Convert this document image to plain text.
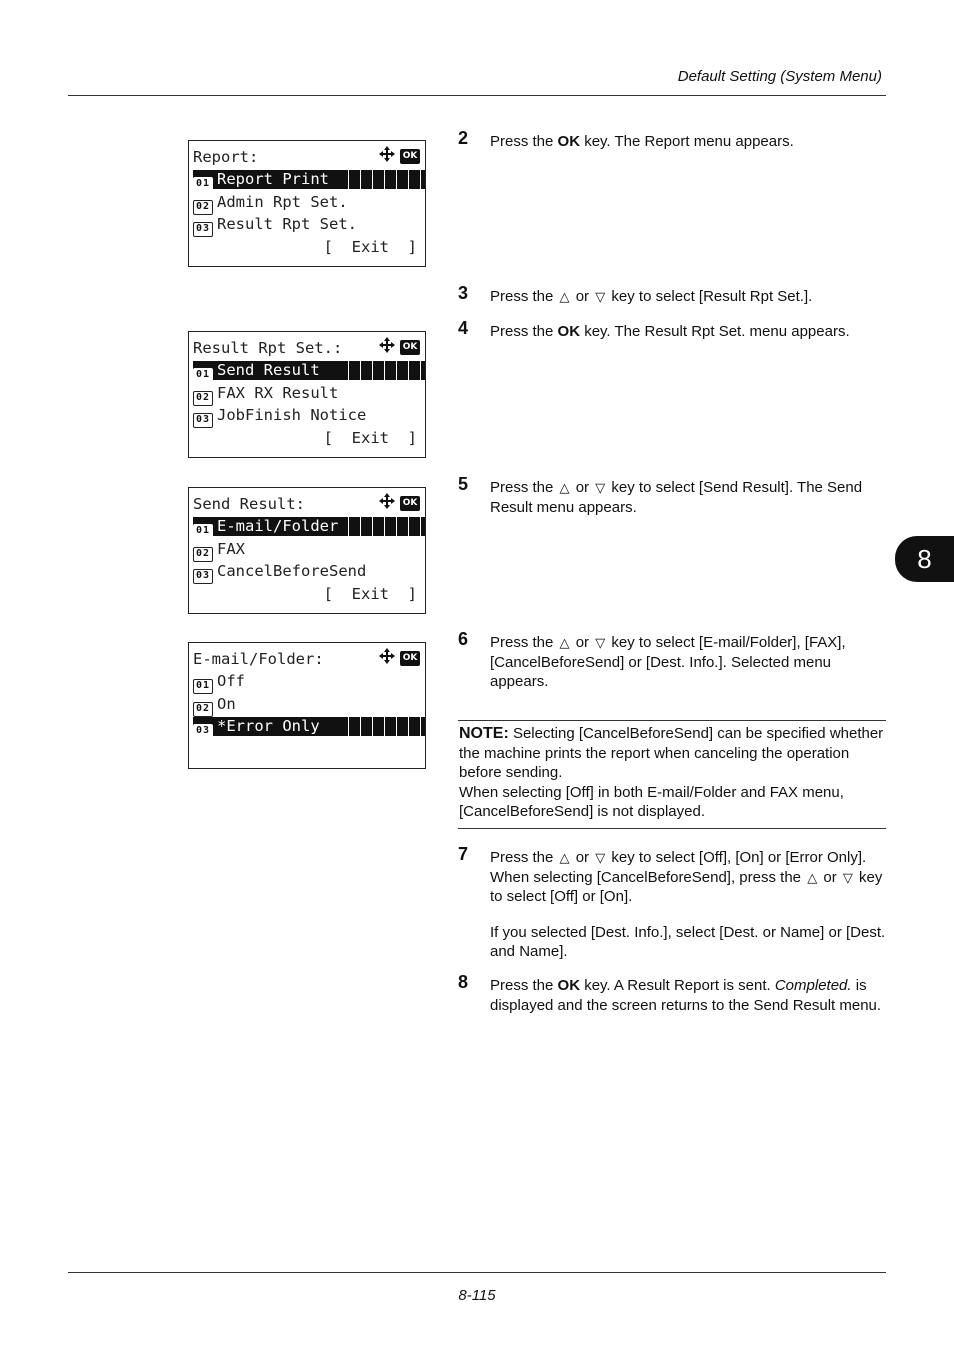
Default Setting (System Menu)
8-115
8
Report:	OK
01 Report Print
02 Admin Rpt Set.
03 Result Rpt Set.
[  Exit  ]
Result Rpt Set.:	OK
01 Send Result
02 FAX RX Result
03 JobFinish Notice
[  Exit  ]
Send Result:	OK
01 E-mail/Folder
02 FAX
03 CancelBeforeSend
[  Exit  ]
E-mail/Folder:	OK
01 Off
02 On
03 *Error Only
2 Press the OK key. The Report menu appears.

3 Press the △ or ▽ key to select [Result Rpt Set.].

4 Press the OK key. The Result Rpt Set. menu appears.

5 Press the △ or ▽ key to select [Send Result]. The Send Result menu appears.

6 Press the △ or ▽ key to select [E-mail/Folder], [FAX], [CancelBeforeSend] or [Dest. Info.]. Selected menu appears.

7 Press the △ or ▽ key to select [Off], [On] or [Error Only]. When selecting [CancelBeforeSend], press the △ or ▽ key to select [Off] or [On].

If you selected [Dest. Info.], select [Dest. or Name] or [Dest. and Name].

8 Press the OK key. A Result Report is sent. Completed. is displayed and the screen returns to the Send Result menu.

NOTE: Selecting [CancelBeforeSend] can be specified whether the machine prints the report when canceling the operation before sending.
When selecting [Off] in both E-mail/Folder and FAX menu, [CancelBeforeSend] is not displayed.
